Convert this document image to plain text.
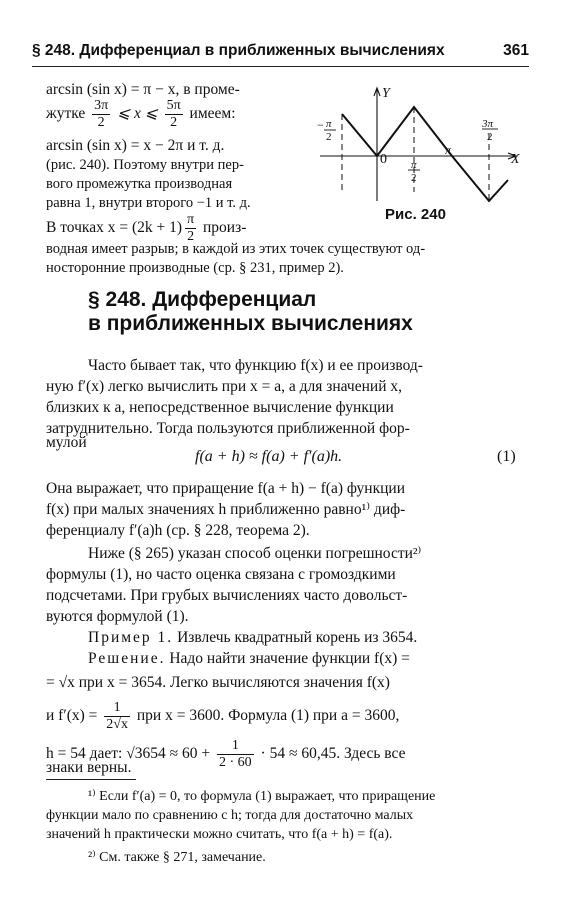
§ 248. Дифференциал в приближенных вычислениях	361

arcsin (sin x) = π − x, в проме-

жутке $\frac{3\pi}{2}$ ⩽ x ⩽ $\frac{5\pi}{2}$ имеем:

arcsin (sin x) = x − 2π и т. д.

(рис. 240). Поэтому внутри пер-

вого промежутка производная

равна 1, внутри второго −1 и т. д.

В точках $x = (2k + 1) \frac{\pi}{2}$ произ-

водная имеет разрыв; в каждой из этих точек существуют од-

носторонние производные (ср. § 231, пример 2).

Y
X
0
− π
2
π
2
π
3π
2
Рис. 240
§ 248. Дифференциал
в приближенных вычислениях

Часто бывает так, что функцию f(x) и ее производ-

ную f′(x) легко вычислить при x = a, а для значений x,

близких к a, непосредственное вычисление функции

затруднительно. Тогда пользуются приближенной фор-

мулой

f(a + h) ≈ f(a) + f′(a)h.	(1)

Она выражает, что приращение f(a + h) − f(a) функции

f(x) при малых значениях h приближенно равно¹⁾ диф-

ференциалу f′(a)h (ср. § 228, теорема 2).

Ниже (§ 265) указан способ оценки погрешности²⁾

формулы (1), но часто оценка связана с громоздкими

подсчетами. При грубых вычислениях часто довольст-

вуются формулой (1).

Пример 1. Извлечь квадратный корень из 3654.

Решение. Надо найти значение функции f(x) =

= √x при x = 3654. Легко вычисляются значения f(x)

и $f'(x) = \frac{1}{2√x}$ при x = 3600. Формула (1) при a = 3600,

h = 54 дает: $√3654 \approx 60 + \frac{1}{2 \cdot 60} \cdot 54 \approx 60,45$. Здесь все

знаки верны.

¹⁾ Если f′(a) = 0, то формула (1) выражает, что приращение

функции мало по сравнению с h; тогда для достаточно малых

значений h практически можно считать, что f(a + h) = f(a).

²⁾ См. также § 271, замечание.
